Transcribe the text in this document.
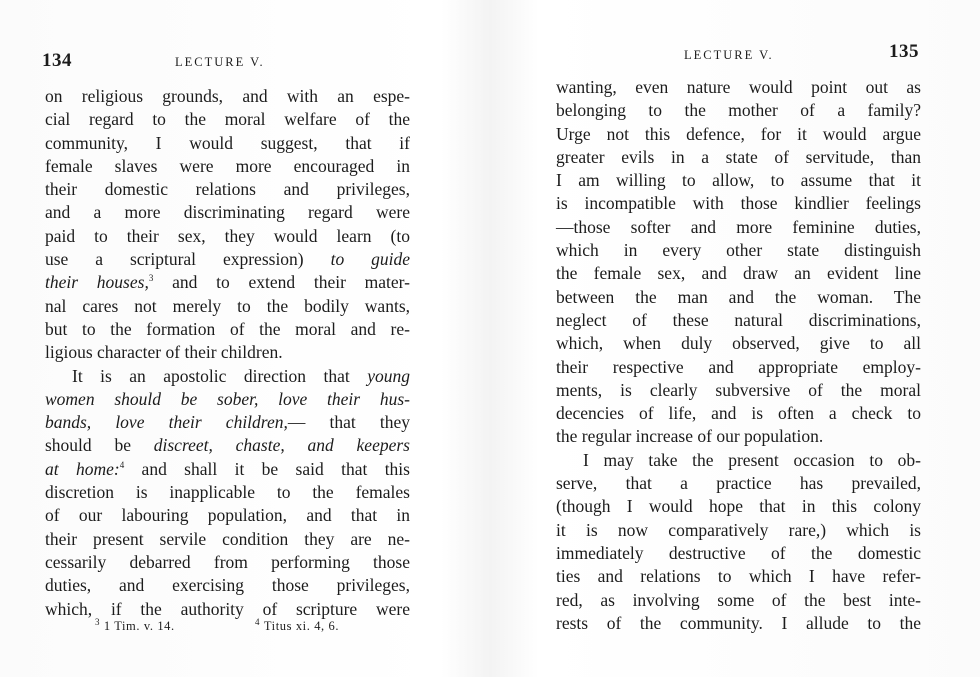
134	LECTURE V.
on religious grounds, and with an espe-
cial regard to the moral welfare of the
community, I would suggest, that if
female slaves were more encouraged in
their domestic relations and privileges,
and a more discriminating regard were
paid to their sex, they would learn (to
use a scriptural expression) to guide
their houses,$^3$ and to extend their mater-
nal cares not merely to the bodily wants,
but to the formation of the moral and re-
ligious character of their children.
It is an apostolic direction that young
women should be sober, love their hus-
bands, love their children,— that they
should be discreet, chaste, and keepers
at home:$^4$ and shall it be said that this
discretion is inapplicable to the females
of our labouring population, and that in
their present servile condition they are ne-
cessarily debarred from performing those
duties, and exercising those privileges,
which, if the authority of scripture were
$^3$ 1 Tim. v. 14.	$^4$ Titus xi. 4, 6.
LECTURE V.	135
wanting, even nature would point out as
belonging to the mother of a family?
Urge not this defence, for it would argue
greater evils in a state of servitude, than
I am willing to allow, to assume that it
is incompatible with those kindlier feelings
—those softer and more feminine duties,
which in every other state distinguish
the female sex, and draw an evident line
between the man and the woman. The
neglect of these natural discriminations,
which, when duly observed, give to all
their respective and appropriate employ-
ments, is clearly subversive of the moral
decencies of life, and is often a check to
the regular increase of our population.
I may take the present occasion to ob-
serve, that a practice has prevailed,
(though I would hope that in this colony
it is now comparatively rare,) which is
immediately destructive of the domestic
ties and relations to which I have refer-
red, as involving some of the best inte-
rests of the community. I allude to the
